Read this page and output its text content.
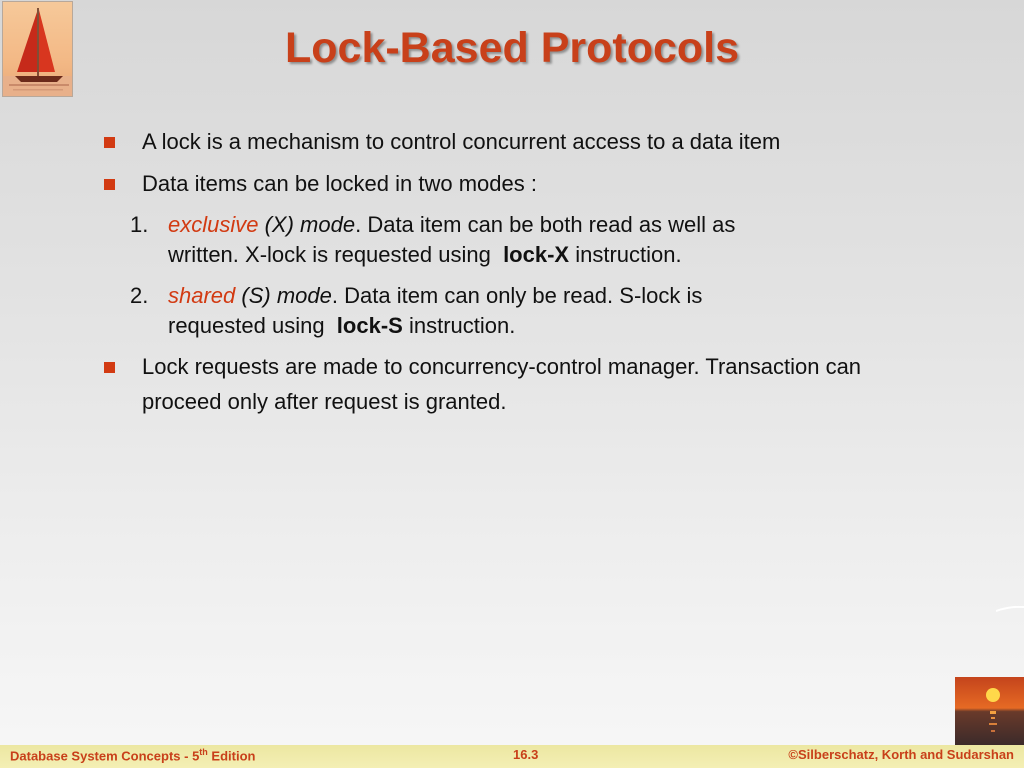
Lock-Based Protocols
A lock is a mechanism to control concurrent access to a data item
Data items can be locked in two modes :
1. exclusive (X) mode. Data item can be both read as well as
written. X-lock is requested using lock-X instruction.
2. shared (S) mode. Data item can only be read. S-lock is
requested using lock-S instruction.
Lock requests are made to concurrency-control manager. Transaction can
proceed only after request is granted.
Database System Concepts - 5th Edition	16.3	©Silberschatz, Korth and Sudarshan
